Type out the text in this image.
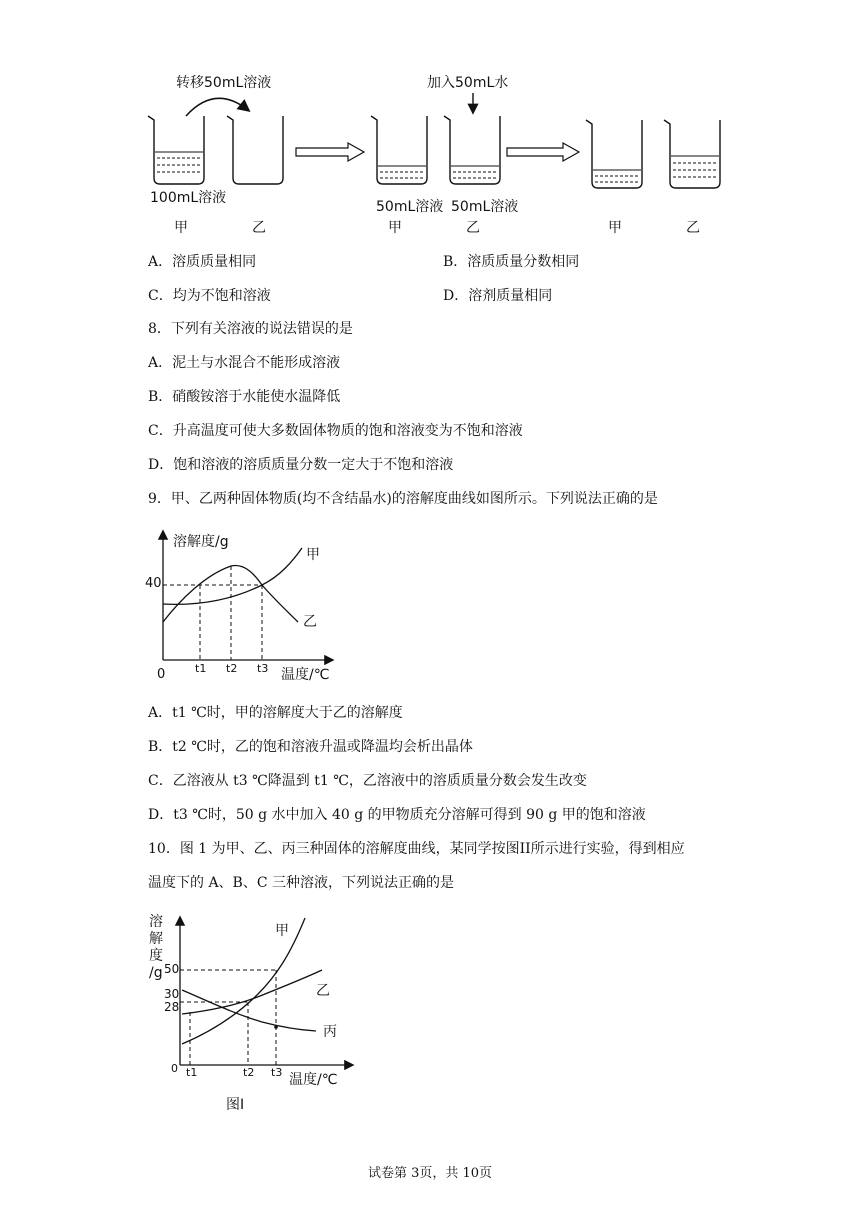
转移50mL溶液	加入50mL水
100mL溶液
50mL溶液 50mL溶液
甲	乙	甲	乙	甲	乙
A．溶质质量相同	B．溶质质量分数相同
C．均为不饱和溶液	D．溶剂质量相同
8．下列有关溶液的说法错误的是
A．泥土与水混合不能形成溶液
B．硝酸铵溶于水能使水温降低
C．升高温度可使大多数固体物质的饱和溶液变为不饱和溶液
D．饱和溶液的溶质质量分数一定大于不饱和溶液
9．甲、乙两种固体物质(均不含结晶水)的溶解度曲线如图所示。下列说法正确的是
溶解度/g
40
0	t1 t2 t3 温度/℃
甲
乙
A．t1 ℃时，甲的溶解度大于乙的溶解度
B．t2 ℃时，乙的饱和溶液升温或降温均会析出晶体
C．乙溶液从 t3 ℃降温到 t1 ℃，乙溶液中的溶质质量分数会发生改变
D．t3 ℃时，50 g 水中加入 40 g 的甲物质充分溶解可得到 90 g 甲的饱和溶液
10．图 1 为甲、乙、丙三种固体的溶解度曲线，某同学按图II所示进行实验，得到相应
温度下的 A、B、C 三种溶液，下列说法正确的是
溶
解
度
/g 50
30
28
0 t1	t2 t3 温度/℃
甲
乙
丙
图I
试卷第 3页，共 10页
